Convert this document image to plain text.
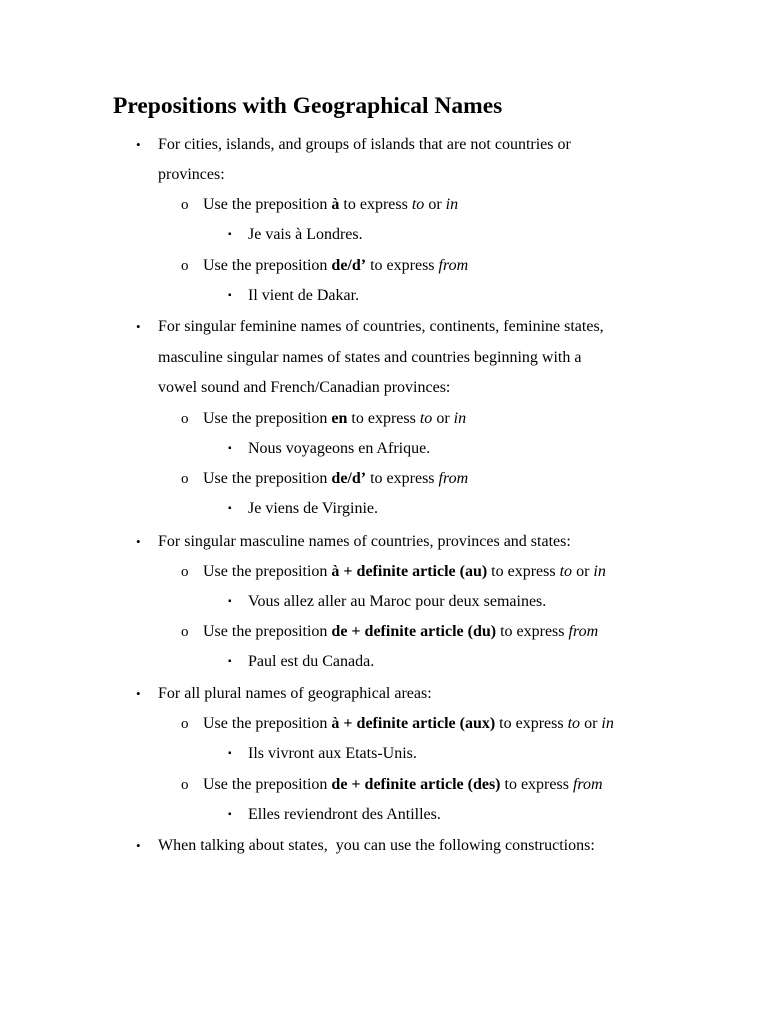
Prepositions with Geographical Names
• For cities, islands, and groups of islands that are not countries or
provinces:
o Use the preposition à to express to or in
▪ Je vais à Londres.
o Use the preposition de/d’ to express from
▪ Il vient de Dakar.
• For singular feminine names of countries, continents, feminine states,
masculine singular names of states and countries beginning with a
vowel sound and French/Canadian provinces:
o Use the preposition en to express to or in
▪ Nous voyageons en Afrique.
o Use the preposition de/d’ to express from
▪ Je viens de Virginie.
• For singular masculine names of countries, provinces and states:
o Use the preposition à + definite article (au) to express to or in
▪ Vous allez aller au Maroc pour deux semaines.
o Use the preposition de + definite article (du) to express from
▪ Paul est du Canada.
• For all plural names of geographical areas:
o Use the preposition à + definite article (aux) to express to or in
▪ Ils vivront aux Etats-Unis.
o Use the preposition de + definite article (des) to express from
▪ Elles reviendront des Antilles.
• When talking about states,  you can use the following constructions:
